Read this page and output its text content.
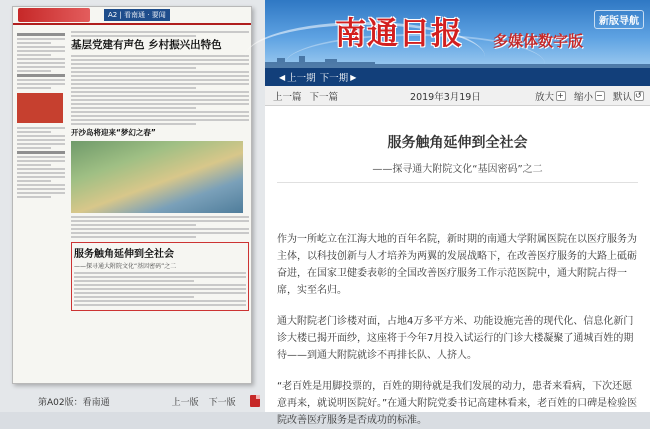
A2 | 看南通 · 要闻
基层党建有声色 乡村振兴出特色
开沙岛将迎来“梦幻之春”
服务触角延伸到全社会
——探寻通大附院文化“基因密码”之二
第A02版：看南通	上一版 下一版
南通日报 多媒体数字版
新版导航
◀ 上一期 下一期 ▶
上一篇 下一篇	2019年3月19日	放大 + 缩小 − 默认 ↺
服务触角延伸到全社会
——探寻通大附院文化“基因密码”之二

作为一所屹立在江海大地的百年名院，新时期的南通大学附属医院在以医疗服务为主体，以科技创新与人才培养为两翼的发展战略下，在改善医疗服务的大路上砥砺奋进，在国家卫健委表彰的全国改善医疗服务工作示范医院中，通大附院占得一席，实至名归。

通大附院老门诊楼对面，占地4万多平方米、功能设施完善的现代化、信息化新门诊大楼已揭开面纱，这座将于今年7月投入试运行的门诊大楼凝聚了通城百姓的期待——到通大附院就诊不再排长队、人挤人。

“老百姓是用脚投票的，百姓的期待就是我们发展的动力，患者来看病，下次还愿意再来，就说明医院好。”在通大附院党委书记高建林看来，老百姓的口碑是检验医院改善医疗服务是否成功的标准。
